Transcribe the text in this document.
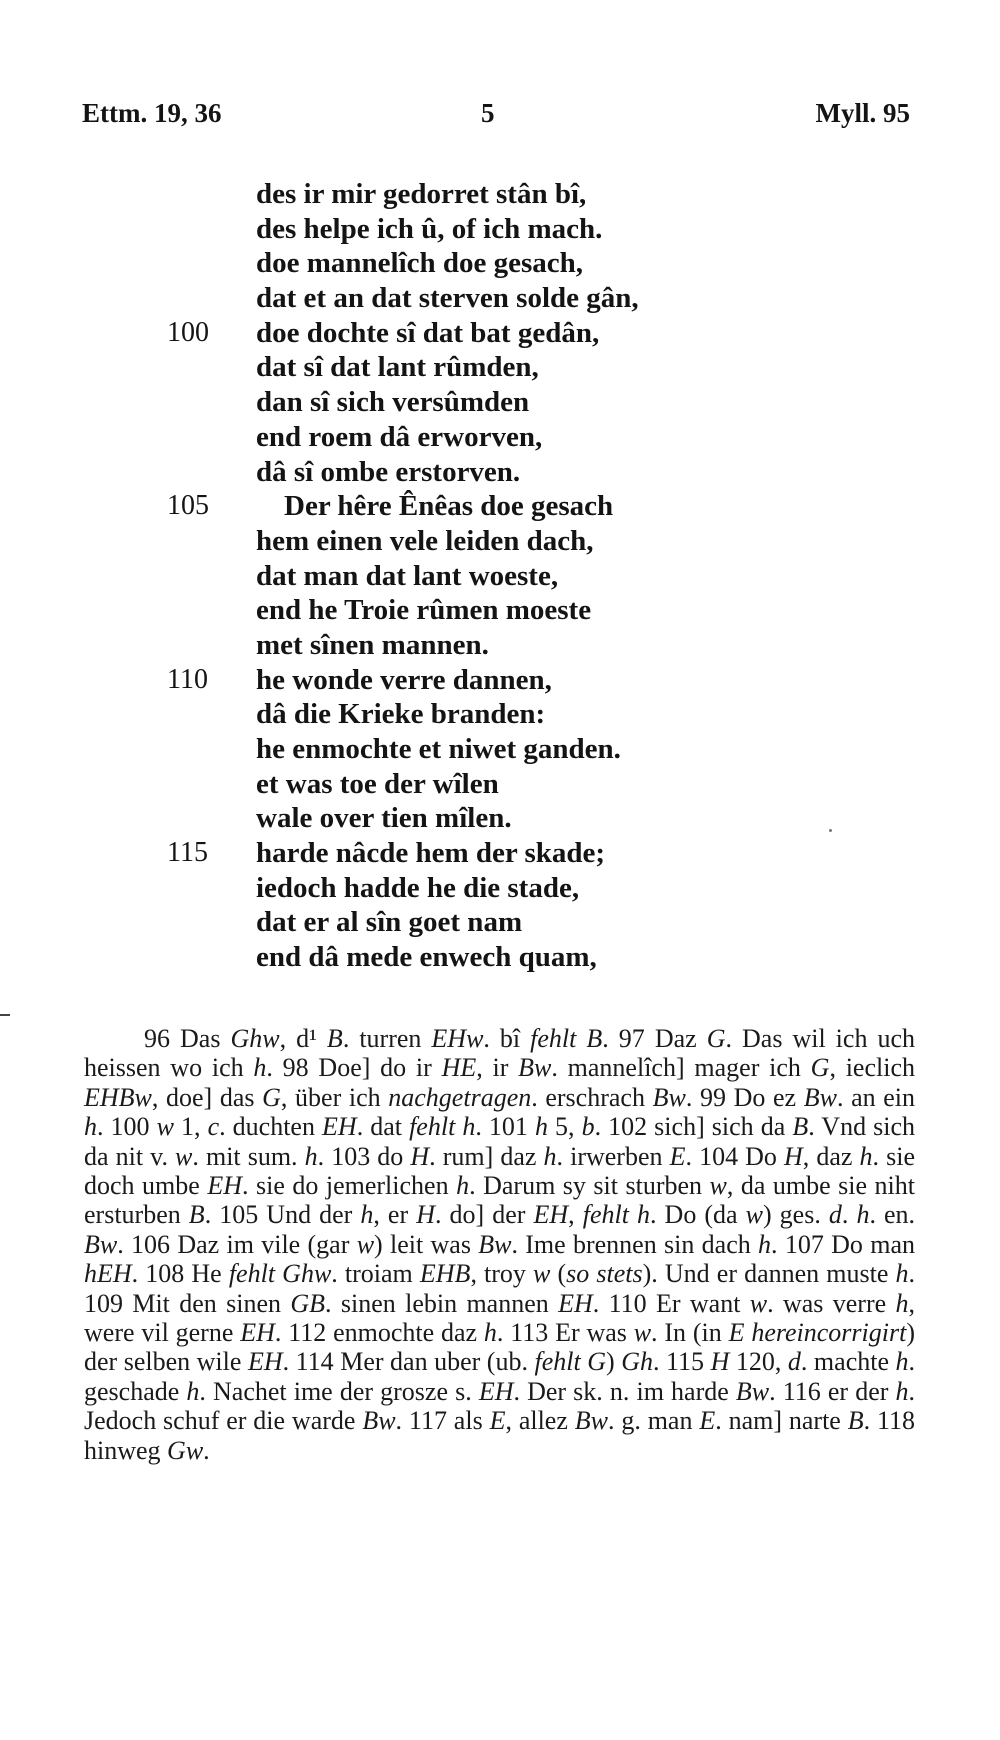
Ettm. 19, 36	5	Myll. 95
des ir mir gedorret stân bî,
des helpe ich û, of ich mach.
doe mannelîch doe gesach,
dat et an dat sterven solde gân,
100 doe dochte sî dat bat gedân,
dat sî dat lant rûmden,
dan sî sich versûmden
end roem dâ erworven,
dâ sî ombe erstorven.
105	Der hêre Ênêas doe gesach
hem einen vele leiden dach,
dat man dat lant woeste,
end he Troie rûmen moeste
met sînen mannen.
110 he wonde verre dannen,
dâ die Krieke branden:
he enmochte et niwet ganden.
et was toe der wîlen
wale over tien mîlen.
115 harde nâcde hem der skade;
iedoch hadde he die stade,
dat er al sîn goet nam
end dâ mede enwech quam,

96 Das Ghw, d¹ B. turren EHw. bî fehlt B. 97 Daz G. Das wil ich uch heissen wo ich h. 98 Doe] do ir HE, ir Bw. mannelîch] mager ich G, ieclich EHBw, doe] das G, über ich nachgetragen. erschrach Bw. 99 Do ez Bw. an ein h. 100 w 1, c. duchten EH. dat fehlt h. 101 h 5, b. 102 sich] sich da B. Vnd sich da nit v. w. mit sum. h. 103 do H. rum] daz h. irwerben E. 104 Do H, daz h. sie doch umbe EH. sie do jemerlichen h. Darum sy sit sturben w, da umbe sie niht ersturben B. 105 Und der h, er H. do] der EH, fehlt h. Do (da w) ges. d. h. en. Bw. 106 Daz im vile (gar w) leit was Bw. Ime brennen sin dach h. 107 Do man hEH. 108 He fehlt Ghw. troiam EHB, troy w (so stets). Und er dannen muste h. 109 Mit den sinen GB. sinen lebin mannen EH. 110 Er want w. was verre h, were vil gerne EH. 112 enmochte daz h. 113 Er was w. In (in E hereincorrigirt) der selben wile EH. 114 Mer dan uber (ub. fehlt G) Gh. 115 H 120, d. machte h. geschade h. Nachet ime der grosze s. EH. Der sk. n. im harde Bw. 116 er der h. Jedoch schuf er die warde Bw. 117 als E, allez Bw. g. man E. nam] narte B. 118 hinweg Gw.
